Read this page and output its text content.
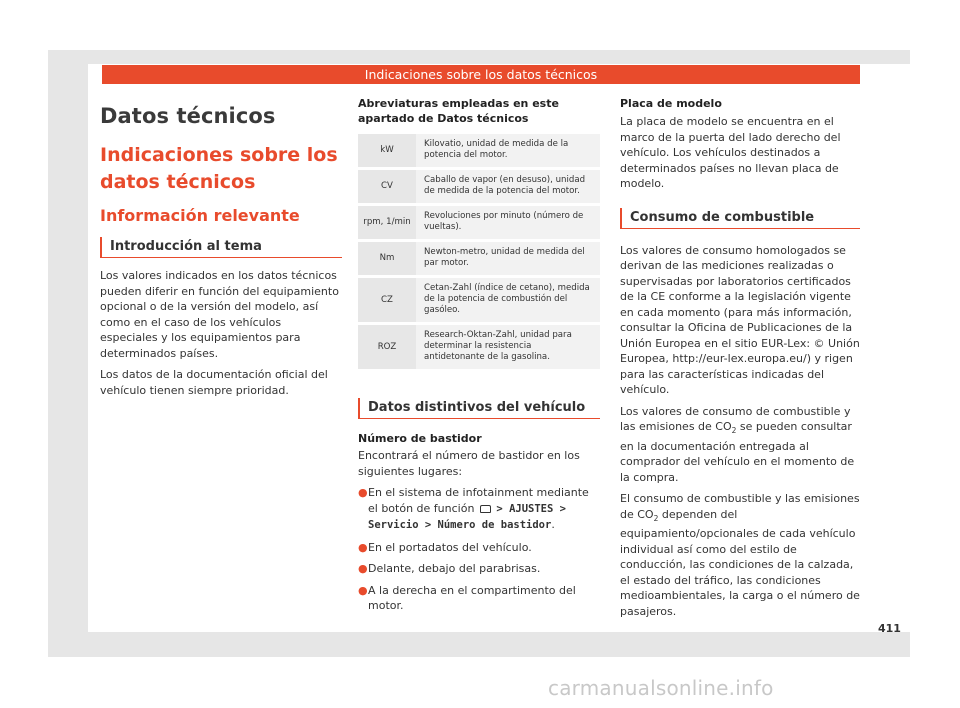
Indicaciones sobre los datos técnicos
Datos técnicos
Indicaciones sobre los datos técnicos
Información relevante
Introducción al tema

Los valores indicados en los datos técnicos pueden diferir en función del equipamiento opcional o de la versión del modelo, así como en el caso de los vehículos especiales y los equipamientos para determinados países.

Los datos de la documentación oficial del vehículo tienen siempre prioridad.

Abreviaturas empleadas en este apartado de Datos técnicos
kW	Kilovatio, unidad de medida de la potencia del motor.
CV	Caballo de vapor (en desuso), unidad de medida de la potencia del motor.
rpm, 1/min	Revoluciones por minuto (número de vueltas).
Nm	Newton-metro, unidad de medida del par motor.
CZ	Cetan-Zahl (índice de cetano), medida de la potencia de combustión del gasóleo.
ROZ	Research-Oktan-Zahl, unidad para determinar la resistencia antidetonante de la gasolina.
Datos distintivos del vehículo
Número de bastidor

Encontrará el número de bastidor en los siguientes lugares:

● En el sistema de infotainment mediante el botón de función > AJUSTES > Servicio > Número de bastidor.
● En el portadatos del vehículo.
● Delante, debajo del parabrisas.
● A la derecha en el compartimento del motor.
Placa de modelo

La placa de modelo se encuentra en el marco de la puerta del lado derecho del vehículo. Los vehículos destinados a determinados países no llevan placa de modelo.

Consumo de combustible

Los valores de consumo homologados se derivan de las mediciones realizadas o supervisadas por laboratorios certificados de la CE conforme a la legislación vigente en cada momento (para más información, consultar la Oficina de Publicaciones de la Unión Europea en el sitio EUR-Lex: © Unión Europea, http://eur-lex.europa.eu/) y rigen para las características indicadas del vehículo.

Los valores de consumo de combustible y las emisiones de $CO_2$ se pueden consultar en la documentación entregada al comprador del vehículo en el momento de la compra.

El consumo de combustible y las emisiones de $CO_2$ dependen del equipamiento/opcionales de cada vehículo individual así como del estilo de conducción, las condiciones de la calzada, el estado del tráfico, las condiciones medioambientales, la carga o el número de pasajeros.

411
carmanualsonline.info
